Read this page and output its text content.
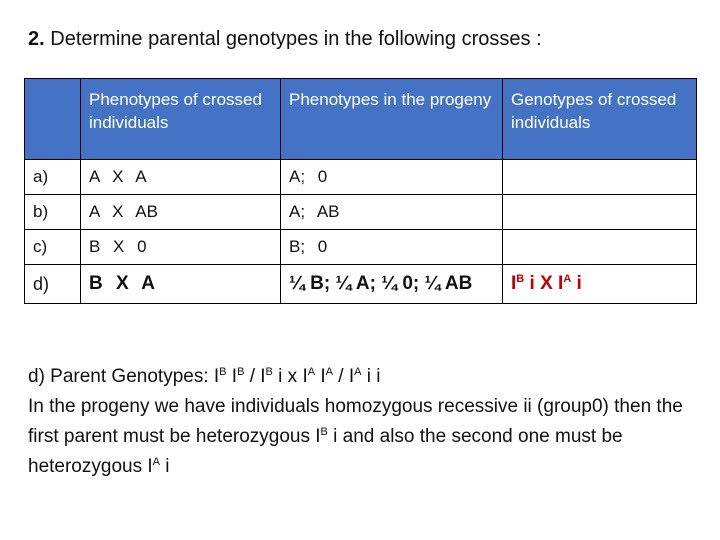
2. Determine parental genotypes in the following crosses :
	Phenotypes of crossed individuals	Phenotypes in the progeny	Genotypes of crossed individuals
a)	A X A	A; 0	
b)	A X AB	A; AB	
c)	B X 0	B; 0	
d)	B X A	¼ B; ¼ A; ¼ 0; ¼ AB	$I^B$ i X $I^A$ i

d) Parent Genotypes: $I^B$ $I^B / I^B$ i x $I^A$ $I^A / I^A$ i i

In the progeny we have individuals homozygous recessive ii (group0) then the first parent must be heterozygous $I^B$ i and also the second one must be heterozygous $I^A$ i
